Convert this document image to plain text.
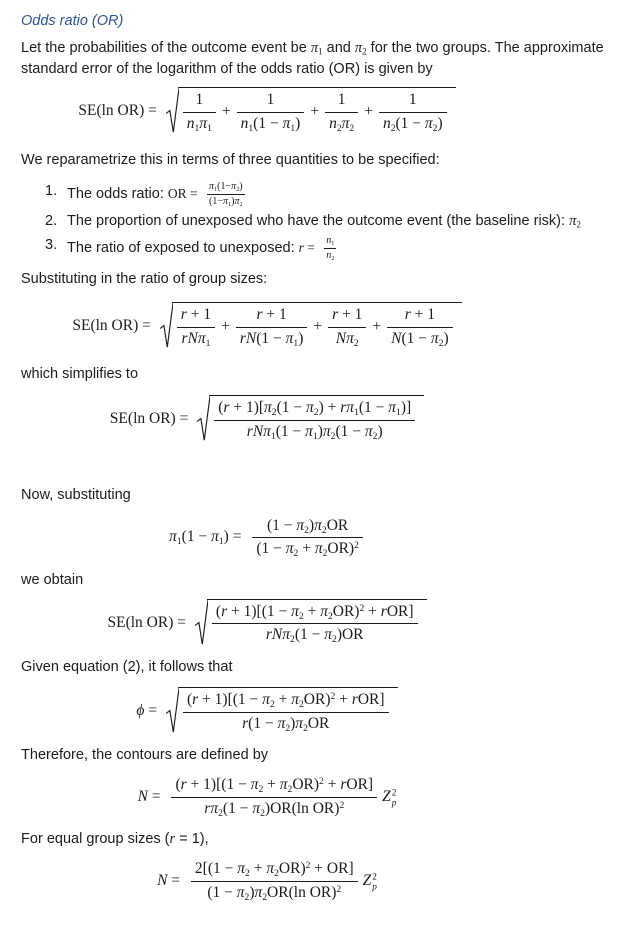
Odds ratio (OR)

Let the probabilities of the outcome event be $\pi_1$ and $\pi_2$ for the two groups. The approximate standard error of the logarithm of the odds ratio (OR) is given by

SE(ln $OR) = \frac{1}{n_1\pi_1} + \frac{1}{n_1(1 - \pi_1)} + \frac{1}{n_2\pi_2} + \frac{1}{n_2(1 - \pi_2)}$

We reparametrize this in terms of three quantities to be specified:

1. The odds ratio: OR = $\frac{\pi_1(1-\pi_2)}{(1-\pi_1)\pi_2}$
2. The proportion of unexposed who have the outcome event (the baseline risk): $\pi_2$
3. The ratio of exposed to unexposed: $r = \frac{n_1}{n_2}$

Substituting in the ratio of group sizes:

SE(ln $OR) = \frac{r + 1}{rN\pi_1} + \frac{r + 1}{rN(1 - \pi_1)} + \frac{r + 1}{N\pi_2} + \frac{r + 1}{N(1 - \pi_2)}$

which simplifies to

SE(ln $OR) = \frac{(r + 1)[\pi_2(1 - \pi_2) + r\pi_1(1 - \pi_1)]}{rN\pi_1(1 - \pi_1)\pi_2(1 - \pi_2)}$

Now, substituting

$\pi_1(1 - \pi_1) = \frac{(1 - \pi_2)\pi_2OR}{(1 - \pi_2 + \pi_2OR)^2}$

we obtain

SE(ln $OR) = \frac{(r + 1)[(1 - \pi_2 + \pi_2OR)^2 + rOR]}{rN\pi_2(1 - \pi_2)OR}$

Given equation (2), it follows that

$\phi = \frac{(r + 1)[(1 - \pi_2 + \pi_2OR)^2 + rOR]}{r(1 - \pi_2)\pi_2OR}$

Therefore, the contours are defined by

$N = \frac{(r + 1)[(1 - \pi_2 + \pi_2OR)^2 + rOR]}{r\pi_2(1 - \pi_2)OR(\ln OR)^2}$ Z 2
p

For equal group sizes (r = 1),

$N = \frac{2[(1 - \pi_2 + \pi_2OR)^2 + OR]}{(1 - \pi_2)\pi_2OR(\ln OR)^2}$ Z 2
p
